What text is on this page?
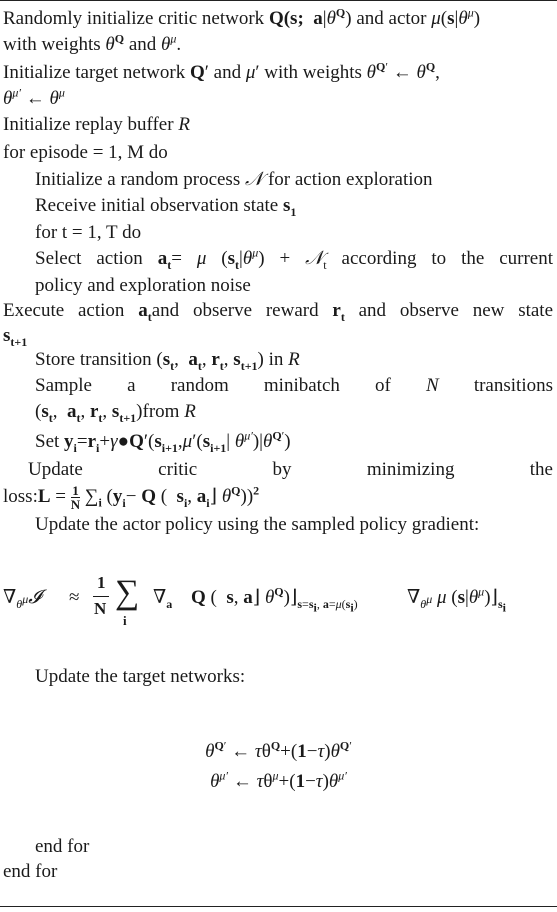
Randomly initialize critic network Q(s;  $a|\theta^Q$) and actor $\mu(s|\theta^\mu)$
with weights $\theta^Q$ and $\theta^\mu$.
Initialize target network Q′ and μ′ with weights $\theta^{Q'}$ ← $\theta^Q$,
$\theta^{\mu'}$ ← $\theta^\mu$
Initialize replay buffer R
for episode = 1, M do
Initialize a random process 𝒩 for action exploration
Receive initial observation state $s_1$
for t = 1, T do
Select action $a_t= \mu$ $(s_t|\theta^\mu)$ + 𝒩$_t$ according to the current
policy and exploration noise
Execute action $a_tand$ observe reward $r_t$ and observe new state
$s_{t+1}$
Store transition ($s_t$,  $a_t$, $r_t$, $s_{t+1}$) in R
Sample a random minibatch of N transitions
($s_t$,  $a_t$, $r_t$, $s_{t+1})from$ R
Set $y_i=r_i+\gamma●Q'(s_{i+1},\mu'(s_{i+1}|$ $\theta^{\mu'})|\theta^{Q'}$)
Update critic by minimizing the
loss:L = $\frac{1}{N} \sum_i$ ($y_i- Q$ (  $s_i$, $a_i⌋$ $\theta^Q))^2$
Update the actor policy using the sampled policy gradient:
$\nabla_{\theta^\mu}𝓘$ ≈
1
N ∑
i
$\nabla_a$ Q (  s, a⌋ $\theta^Q)⌋_{s=s_i, a=\mu(s_i)}$	$\nabla_{\theta^\mu}$ μ $(s|\theta^\mu)⌋_{s_i}$
Update the target networks:
$\theta^{Q'}$ ← $\tau\theta^Q+(1-\tau)\theta^{Q'}$
$\theta^{\mu'}$ ← $\tau\theta^\mu+(1-\tau)\theta^{\mu'}$
end for
end for
